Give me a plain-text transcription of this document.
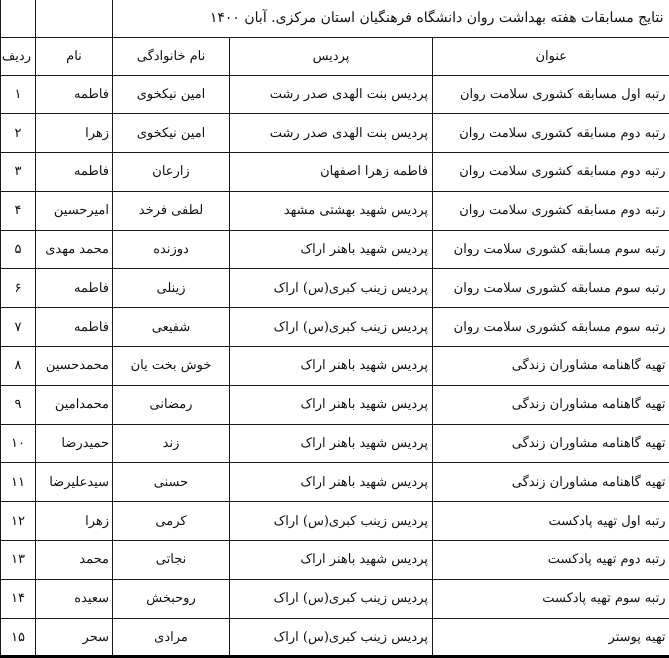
نتایج مسابقات هفته بهداشت روان دانشگاه فرهنگیان استان مرکزی. آبان ۱۴۰۰				
عنوان	پردیس	نام خانوادگی	نام	ردیف
رتبه اول مسابقه کشوری سلامت روان	پردیس بنت الهدی صدر رشت	امین نیکخوی	فاطمه	۱
رتبه دوم مسابقه کشوری سلامت روان	پردیس بنت الهدی صدر رشت	امین نیکخوی	زهرا	۲
رتبه دوم مسابقه کشوری سلامت روان	فاطمه زهرا اصفهان	زارعان	فاطمه	۳
رتبه دوم مسابقه کشوری سلامت روان	پردیس شهید بهشتی مشهد	لطفی فرخد	امیرحسین	۴
رتبه سوم مسابقه کشوری سلامت روان	پردیس شهید باهنر اراک	دوزنده	محمد مهدی	۵
رتبه سوم مسابقه کشوری سلامت روان	پردیس زینب کبری(س) اراک	زینلی	فاطمه	۶
رتبه سوم مسابقه کشوری سلامت روان	پردیس زینب کبری(س) اراک	شفیعی	فاطمه	۷
تهیه گاهنامه مشاوران زندگی	پردیس شهید باهنر اراک	خوش بخت یان	محمدحسین	۸
تهیه گاهنامه مشاوران زندگی	پردیس شهید باهنر اراک	رمضانی	محمدامین	۹
تهیه گاهنامه مشاوران زندگی	پردیس شهید باهنر اراک	زند	حمیدرضا	۱۰
تهیه گاهنامه مشاوران زندگی	پردیس شهید باهنر اراک	حسنی	سیدعلیرضا	۱۱
رتبه اول تهیه پادکست	پردیس زینب کبری(س) اراک	کرمی	زهرا	۱۲
رتبه دوم تهیه پادکست	پردیس شهید باهنر اراک	نجاتی	محمد	۱۳
رتبه سوم تهیه پادکست	پردیس زینب کبری(س) اراک	روحبخش	سعیده	۱۴
تهیه پوستر	پردیس زینب کبری(س) اراک	مرادی	سحر	۱۵
